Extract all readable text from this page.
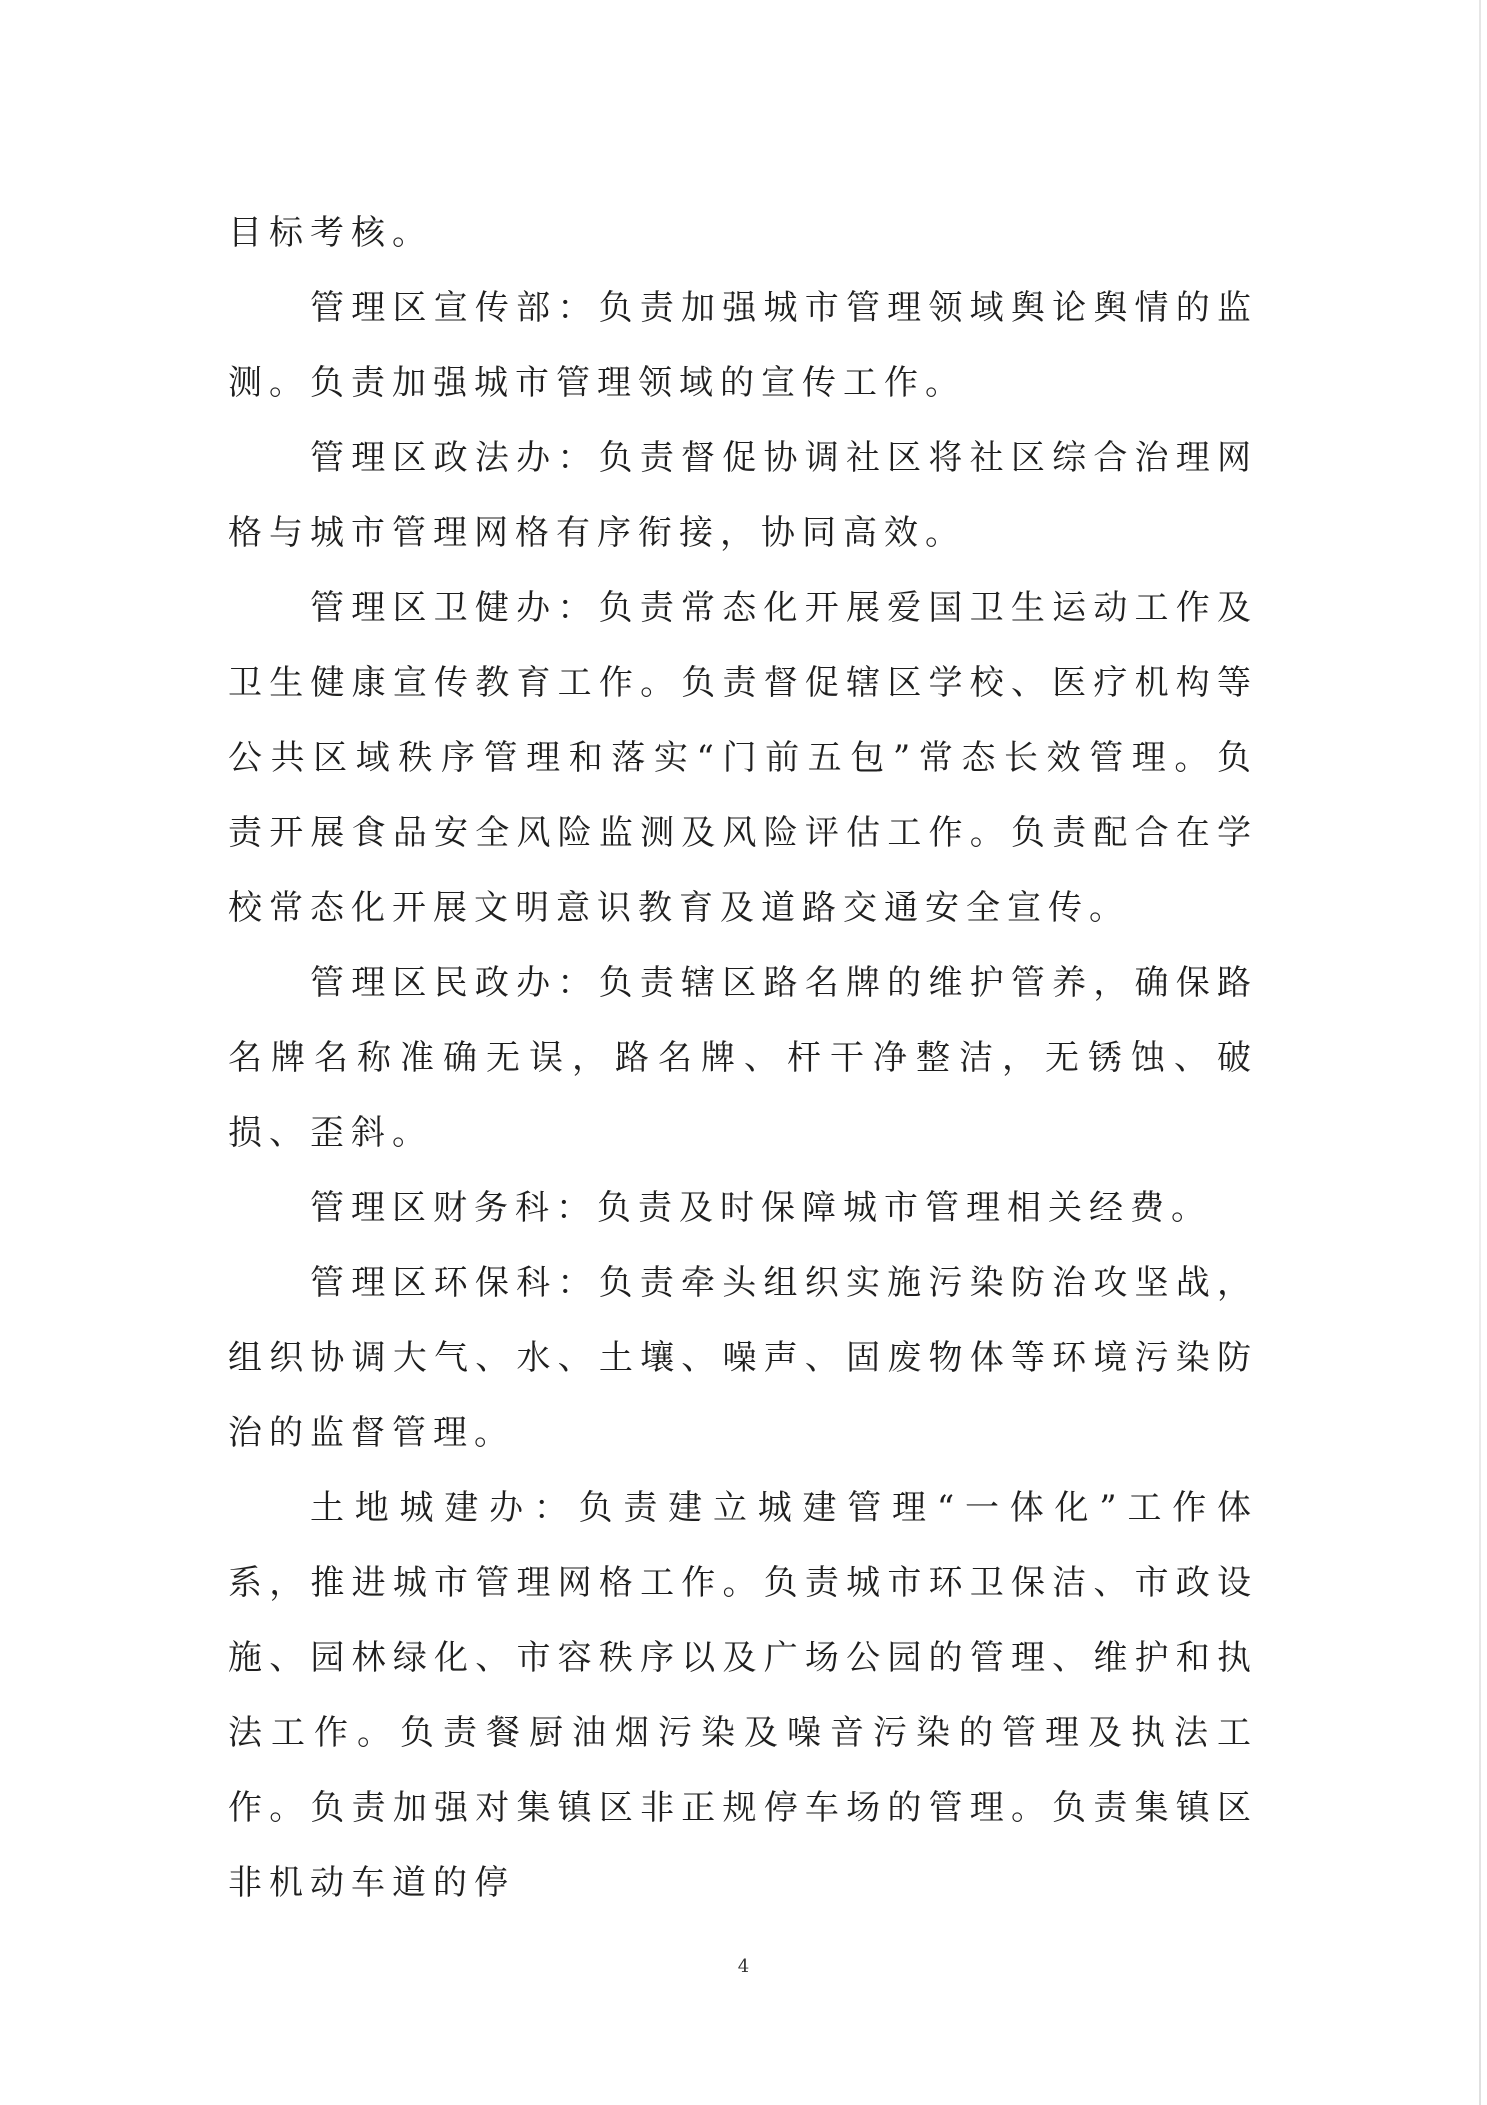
目标考核。

管理区宣传部：负责加强城市管理领域舆论舆情的监测。负责加强城市管理领域的宣传工作。

管理区政法办：负责督促协调社区将社区综合治理网格与城市管理网格有序衔接，协同高效。

管理区卫健办：负责常态化开展爱国卫生运动工作及卫生健康宣传教育工作。负责督促辖区学校、医疗机构等公共区域秩序管理和落实“门前五包”常态长效管理。负责开展食品安全风险监测及风险评估工作。负责配合在学校常态化开展文明意识教育及道路交通安全宣传。

管理区民政办：负责辖区路名牌的维护管养，确保路名牌名称准确无误，路名牌、杆干净整洁，无锈蚀、破损、歪斜。

管理区财务科：负责及时保障城市管理相关经费。

管理区环保科：负责牵头组织实施污染防治攻坚战，组织协调大气、水、土壤、噪声、固废物体等环境污染防治的监督管理。

土地城建办：负责建立城建管理“一体化”工作体系，推进城市管理网格工作。负责城市环卫保洁、市政设施、园林绿化、市容秩序以及广场公园的管理、维护和执法工作。负责餐厨油烟污染及噪音污染的管理及执法工作。负责加强对集镇区非正规停车场的管理。负责集镇区非机动车道的停

4
